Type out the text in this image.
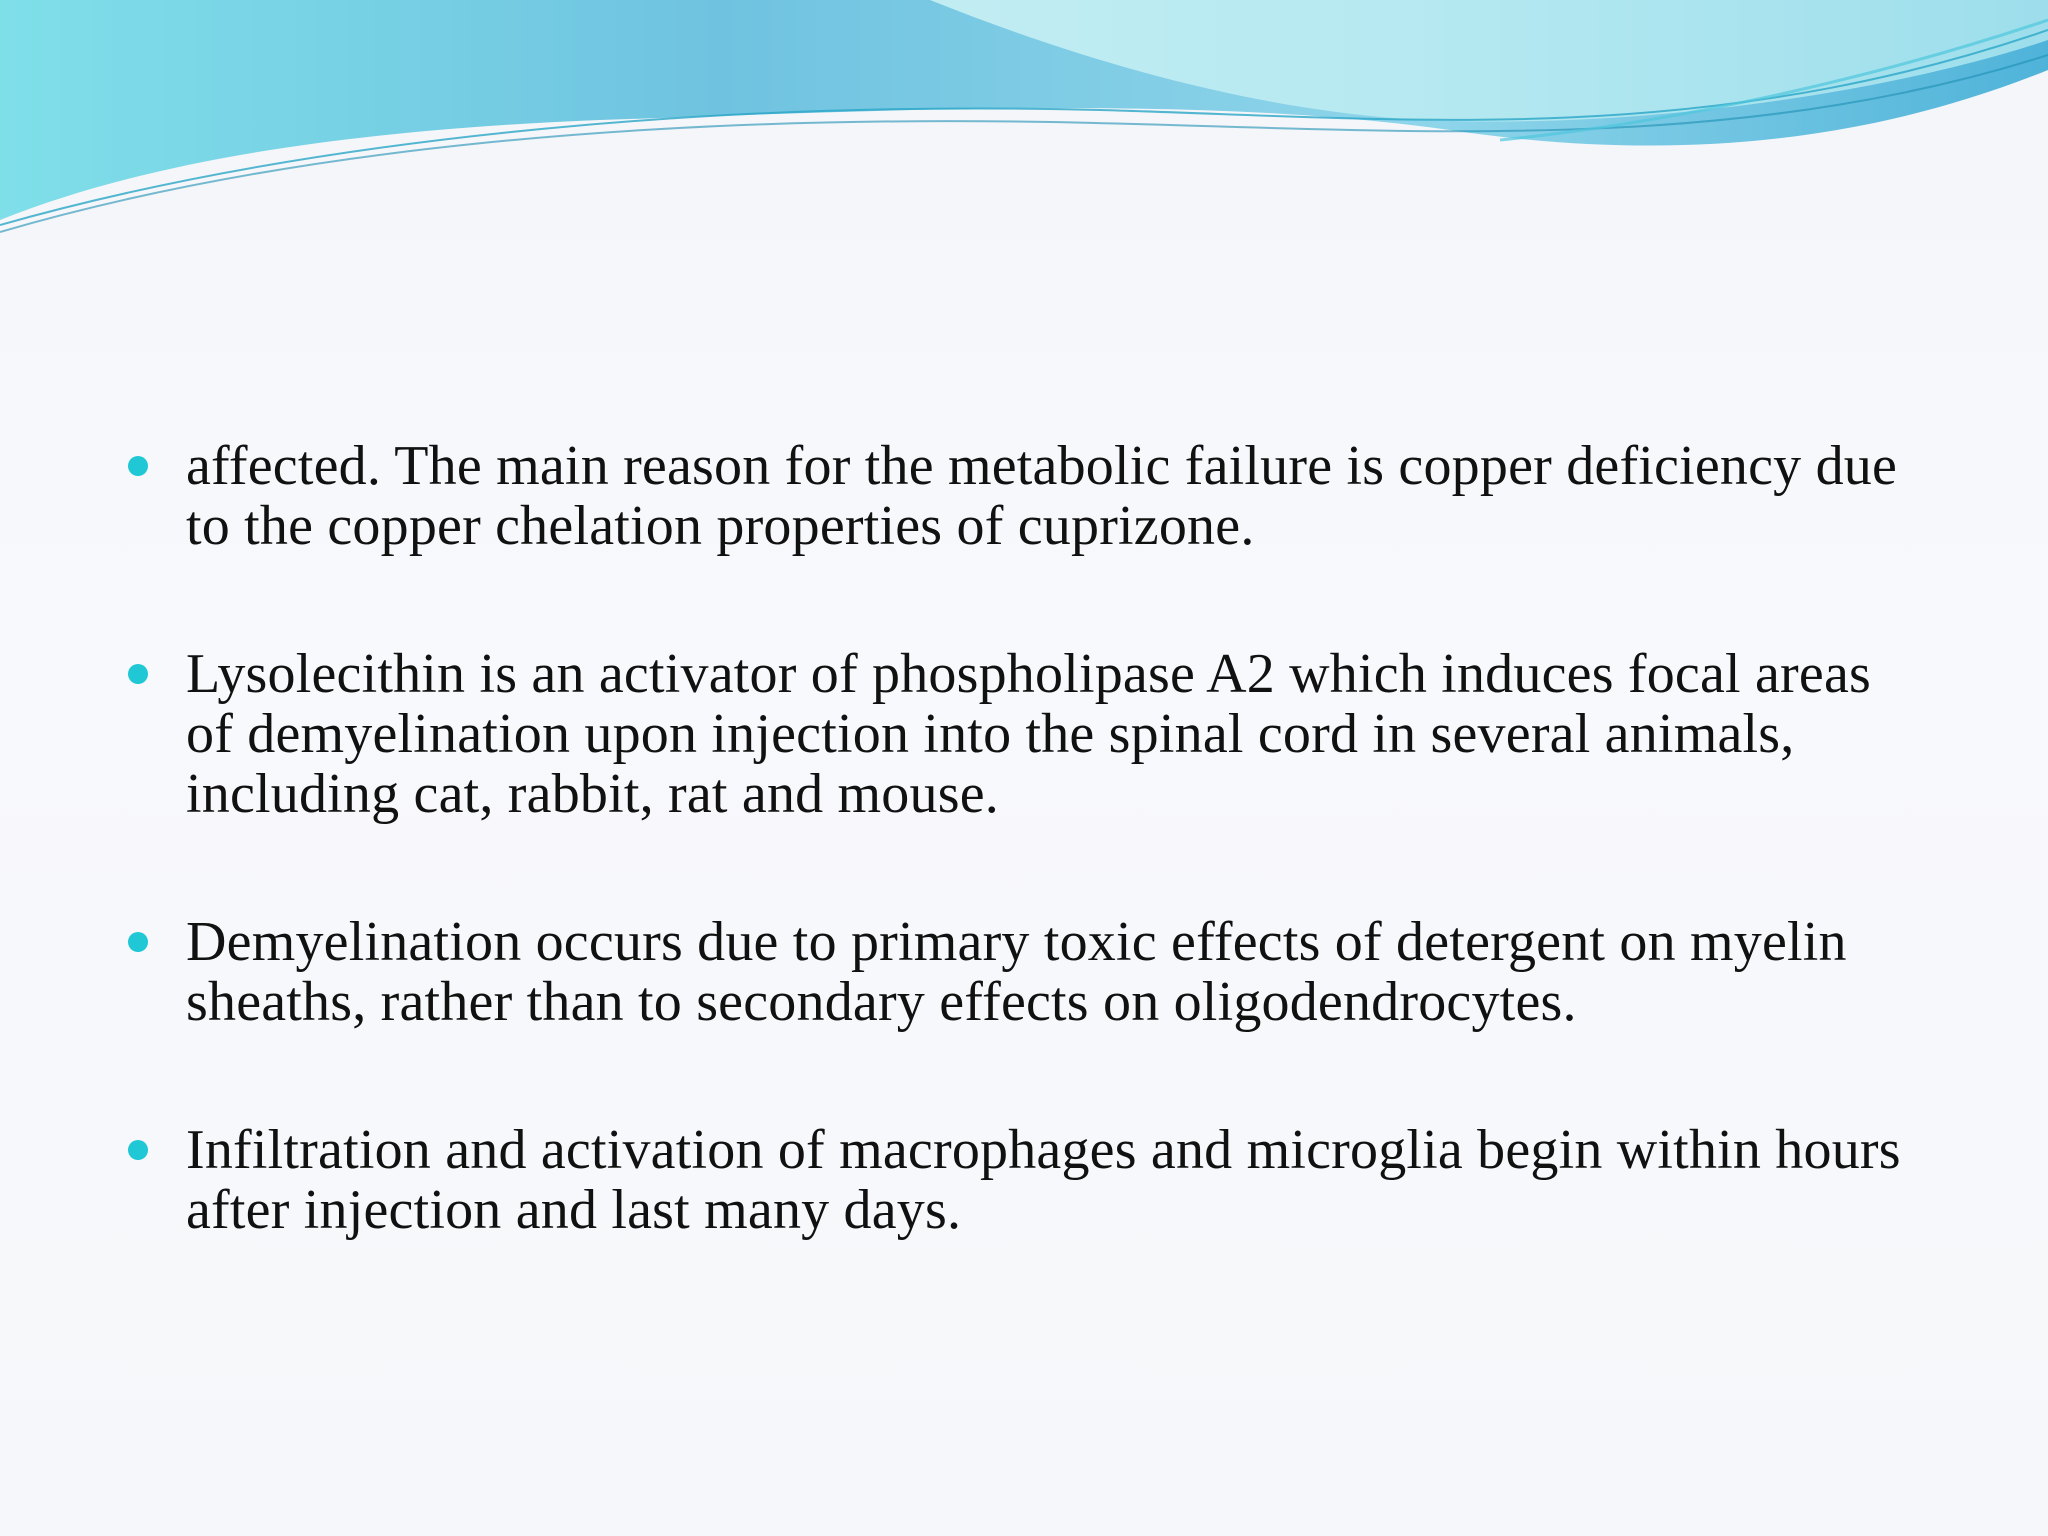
affected. The main reason for the metabolic failure is copper deficiency due to the copper chelation properties of cuprizone.
Lysolecithin is an activator of phospholipase A2 which induces focal areas of demyelination upon injection into the spinal cord in several animals, including cat, rabbit, rat and mouse.
Demyelination occurs due to primary toxic effects of detergent on myelin sheaths, rather than to secondary effects on oligodendrocytes.
Infiltration and activation of macrophages and microglia begin within hours after injection and last many days.
